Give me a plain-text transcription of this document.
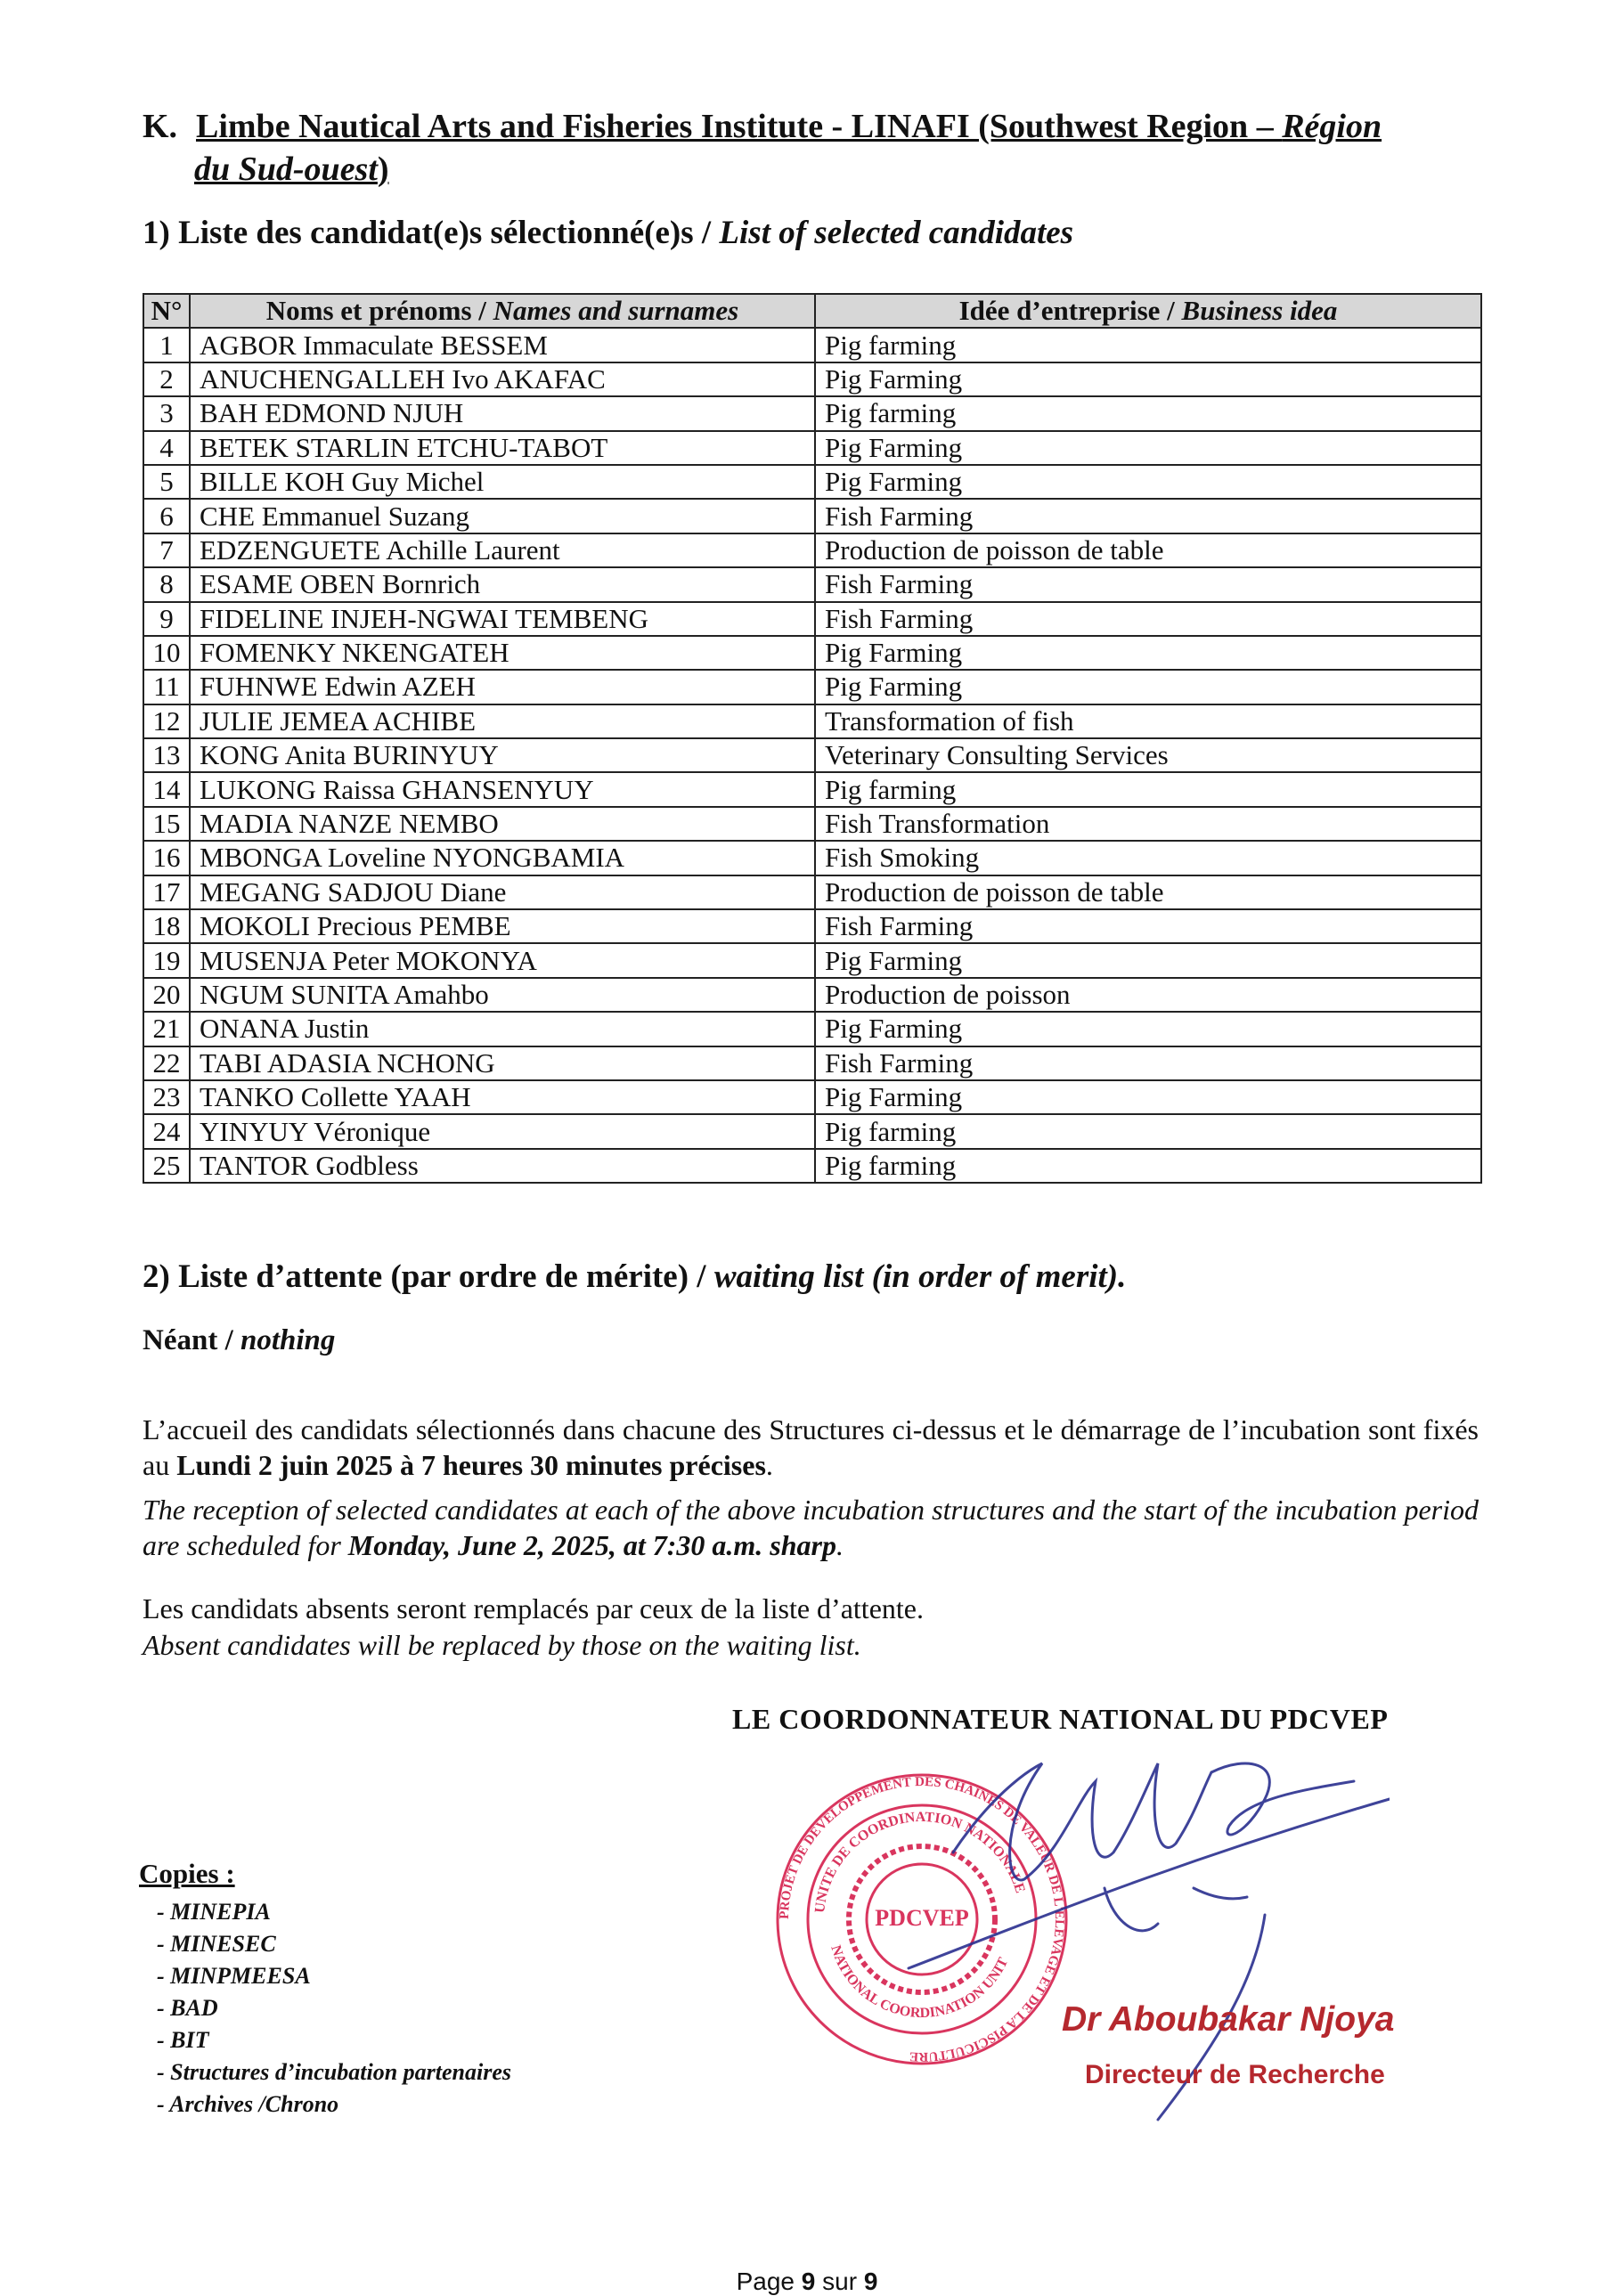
K. Limbe Nautical Arts and Fisheries Institute - LINAFI (Southwest Region – Région
du Sud-ouest)
1) Liste des candidat(e)s sélectionné(e)s / List of selected candidates
N°	Noms et prénoms / Names and surnames	Idée d’entreprise / Business idea
1	AGBOR Immaculate BESSEM	Pig farming
2	ANUCHENGALLEH Ivo AKAFAC	Pig Farming
3	BAH EDMOND NJUH	Pig farming
4	BETEK STARLIN ETCHU-TABOT	Pig Farming
5	BILLE KOH Guy Michel	Pig Farming
6	CHE Emmanuel Suzang	Fish Farming
7	EDZENGUETE Achille Laurent	Production de poisson de table
8	ESAME OBEN Bornrich	Fish Farming
9	FIDELINE INJEH-NGWAI TEMBENG	Fish Farming
10	FOMENKY NKENGATEH	Pig Farming
11	FUHNWE Edwin AZEH	Pig Farming
12	JULIE JEMEA ACHIBE	Transformation of fish
13	KONG Anita BURINYUY	Veterinary Consulting Services
14	LUKONG Raissa GHANSENYUY	Pig farming
15	MADIA NANZE NEMBO	Fish Transformation
16	MBONGA Loveline NYONGBAMIA	Fish Smoking
17	MEGANG SADJOU Diane	Production de poisson de table
18	MOKOLI Precious PEMBE	Fish Farming
19	MUSENJA Peter MOKONYA	Pig Farming
20	NGUM SUNITA Amahbo	Production de poisson
21	ONANA Justin	Pig Farming
22	TABI ADASIA NCHONG	Fish Farming
23	TANKO Collette YAAH	Pig Farming
24	YINYUY Véronique	Pig farming
25	TANTOR Godbless	Pig farming
2) Liste d’attente (par ordre de mérite) / waiting list (in order of merit).
Néant / nothing
L’accueil des candidats sélectionnés dans chacune des Structures ci-dessus et le démarrage de l’incubation sont fixés au Lundi 2 juin 2025 à 7 heures 30 minutes précises.
The reception of selected candidates at each of the above incubation structures and the start of the incubation period are scheduled for Monday, June 2, 2025, at 7:30 a.m. sharp.
Les candidats absents seront remplacés par ceux de la liste d’attente.
Absent candidates will be replaced by those on the waiting list.
LE COORDONNATEUR NATIONAL DU PDCVEP
PROJET DE DEVELOPPEMENT DES CHAINES DE VALEUR DE L'ELEVAGE ET DE LA PISCICULTURE
UNITE DE COORDINATION NATIONALE
NATIONAL COORDINATION UNIT
PDCVEP
Dr Aboubakar Njoya
Directeur de Recherche
Copies :
- MINEPIA
- MINESEC
- MINPMEESA
- BAD
- BIT
- Structures d’incubation partenaires
- Archives /Chrono
Page 9 sur 9
